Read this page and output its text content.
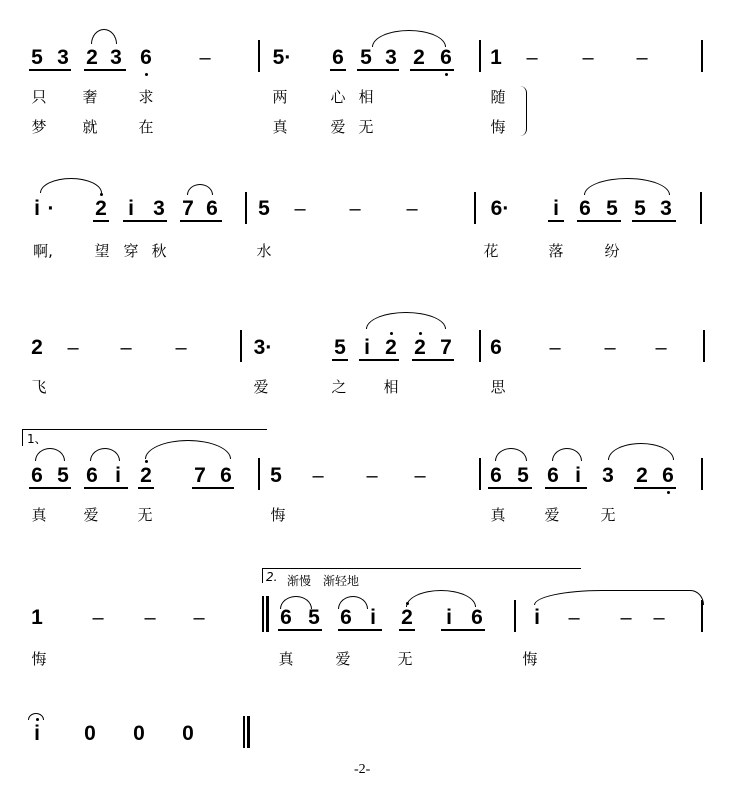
5 3 2 3 6 –	5· 6 5 3 2 6 1 – – –
只 奢	求	两	心 相	随
梦 就	在	真	爱 无	悔
i · 2 i 3 7 6 5 – – –	6· i 6 5 5 3
啊,	望 穿 秋	水	花	落	纷
2 – – –	3·	5 i 2 2 7 6 – – –
飞	爱	之 相	思
1、
6 5 6 i 2 7 6 5 – – –	6 5 6 i 3 2 6
真 爱	无	悔	真	爱	无
2. 渐慢 渐轻地
1 – – –	6 5 6 i 2 i 6 i – – –
悔	真	爱	无	悔
i 0 0 0
-2-
